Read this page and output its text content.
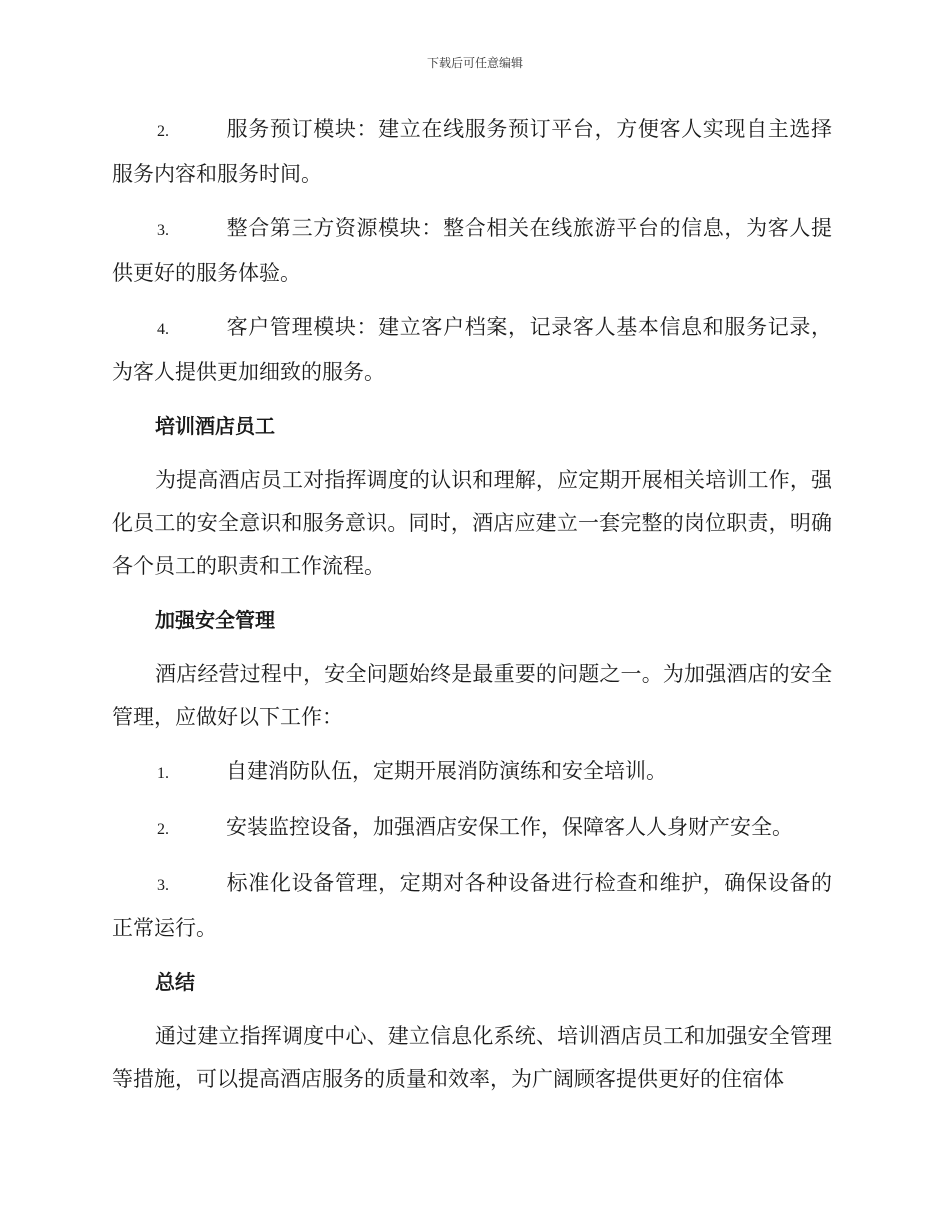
下载后可任意编辑
2.	服务预订模块：建立在线服务预订平台，方便客人实现自主选择服务内容和服务时间。
3.	整合第三方资源模块：整合相关在线旅游平台的信息，为客人提供更好的服务体验。
4.	客户管理模块：建立客户档案，记录客人基本信息和服务记录，为客人提供更加细致的服务。
培训酒店员工
为提高酒店员工对指挥调度的认识和理解，应定期开展相关培训工作，强化员工的安全意识和服务意识。同时，酒店应建立一套完整的岗位职责，明确各个员工的职责和工作流程。
加强安全管理
酒店经营过程中，安全问题始终是最重要的问题之一。为加强酒店的安全管理，应做好以下工作：
1.	自建消防队伍，定期开展消防演练和安全培训。
2.	安装监控设备，加强酒店安保工作，保障客人人身财产安全。
3.	标准化设备管理，定期对各种设备进行检查和维护，确保设备的正常运行。
总结
通过建立指挥调度中心、建立信息化系统、培训酒店员工和加强安全管理等措施，可以提高酒店服务的质量和效率，为广阔顾客提供更好的住宿体
